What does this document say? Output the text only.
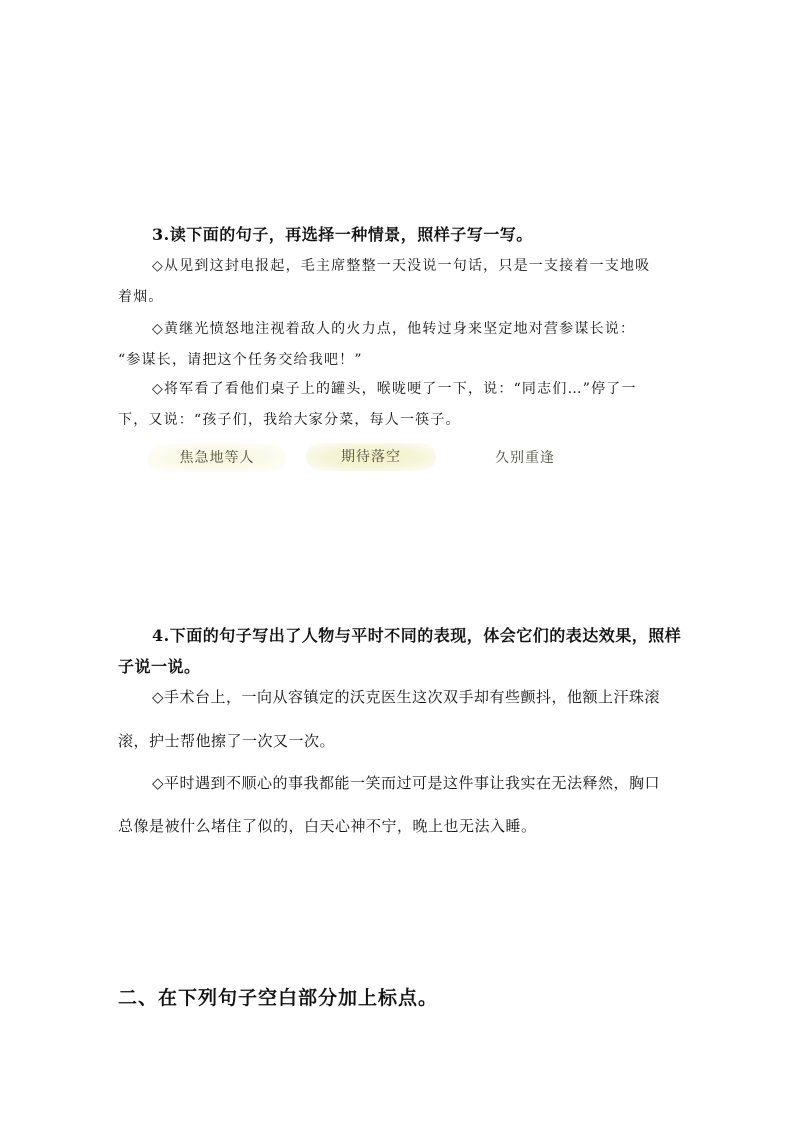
3.读下面的句子，再选择一种情景，照样子写一写。
◇从见到这封电报起，毛主席整整一天没说一句话，只是一支接着一支地吸
着烟。
◇黄继光愤怒地注视着敌人的火力点，他转过身来坚定地对营参谋长说：
“参谋长，请把这个任务交给我吧！”
◇将军看了看他们桌子上的罐头，喉咙哽了一下，说：“同志们…”停了一
下，又说：“孩子们，我给大家分菜，每人一筷子。
焦急地等人	期待落空	久别重逢
4.下面的句子写出了人物与平时不同的表现，体会它们的表达效果，照样
子说一说。
◇手术台上，一向从容镇定的沃克医生这次双手却有些颤抖，他额上汗珠滚
滚，护士帮他擦了一次又一次。
◇平时遇到不顺心的事我都能一笑而过可是这件事让我实在无法释然，胸口
总像是被什么堵住了似的，白天心神不宁，晚上也无法入睡。
二、在下列句子空白部分加上标点。
